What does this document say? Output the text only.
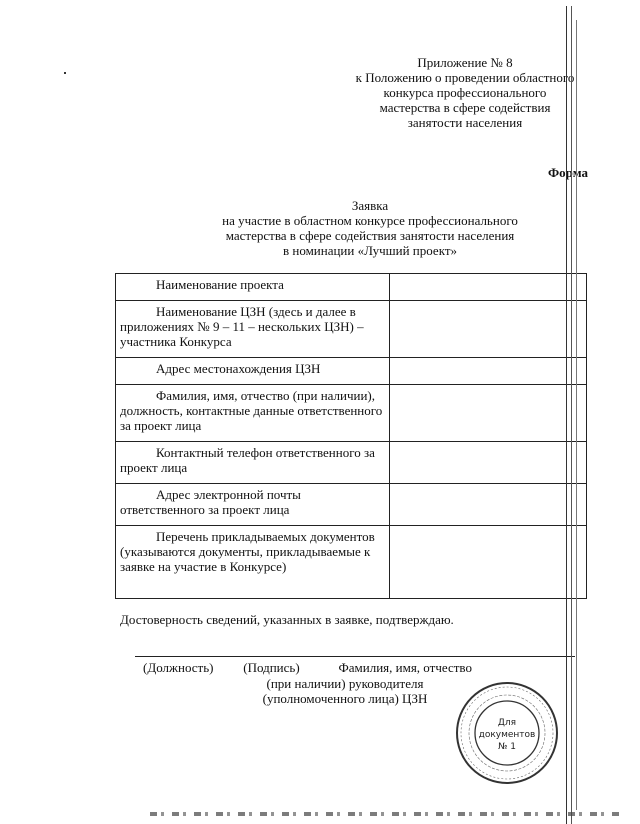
Приложение № 8
к Положению о проведении областного
конкурса профессионального
мастерства в сфере содействия
занятости населения
Форма
Заявка
на участие в областном конкурсе профессионального
мастерства в сфере содействия занятости населения
в номинации «Лучший проект»
Наименование проекта		
Наименование ЦЗН (здесь и далее в приложениях № 9 – 11 – нескольких ЦЗН) – участника Конкурса		
Адрес местонахождения ЦЗН		
Фамилия, имя, отчество (при наличии), должность, контактные данные ответственного за проект лица		
Контактный телефон ответственного за проект лица		
Адрес электронной почты ответственного за проект лица		
Перечень прикладываемых документов (указываются документы, прикладываемые к заявке на участие в Конкурсе)		
Достоверность сведений, указанных в заявке, подтверждаю.
(Должность) (Подпись)	Фамилия, имя, отчество
(при наличии) руководителя
(уполномоченного лица) ЦЗН
Для
документов
№ 1
